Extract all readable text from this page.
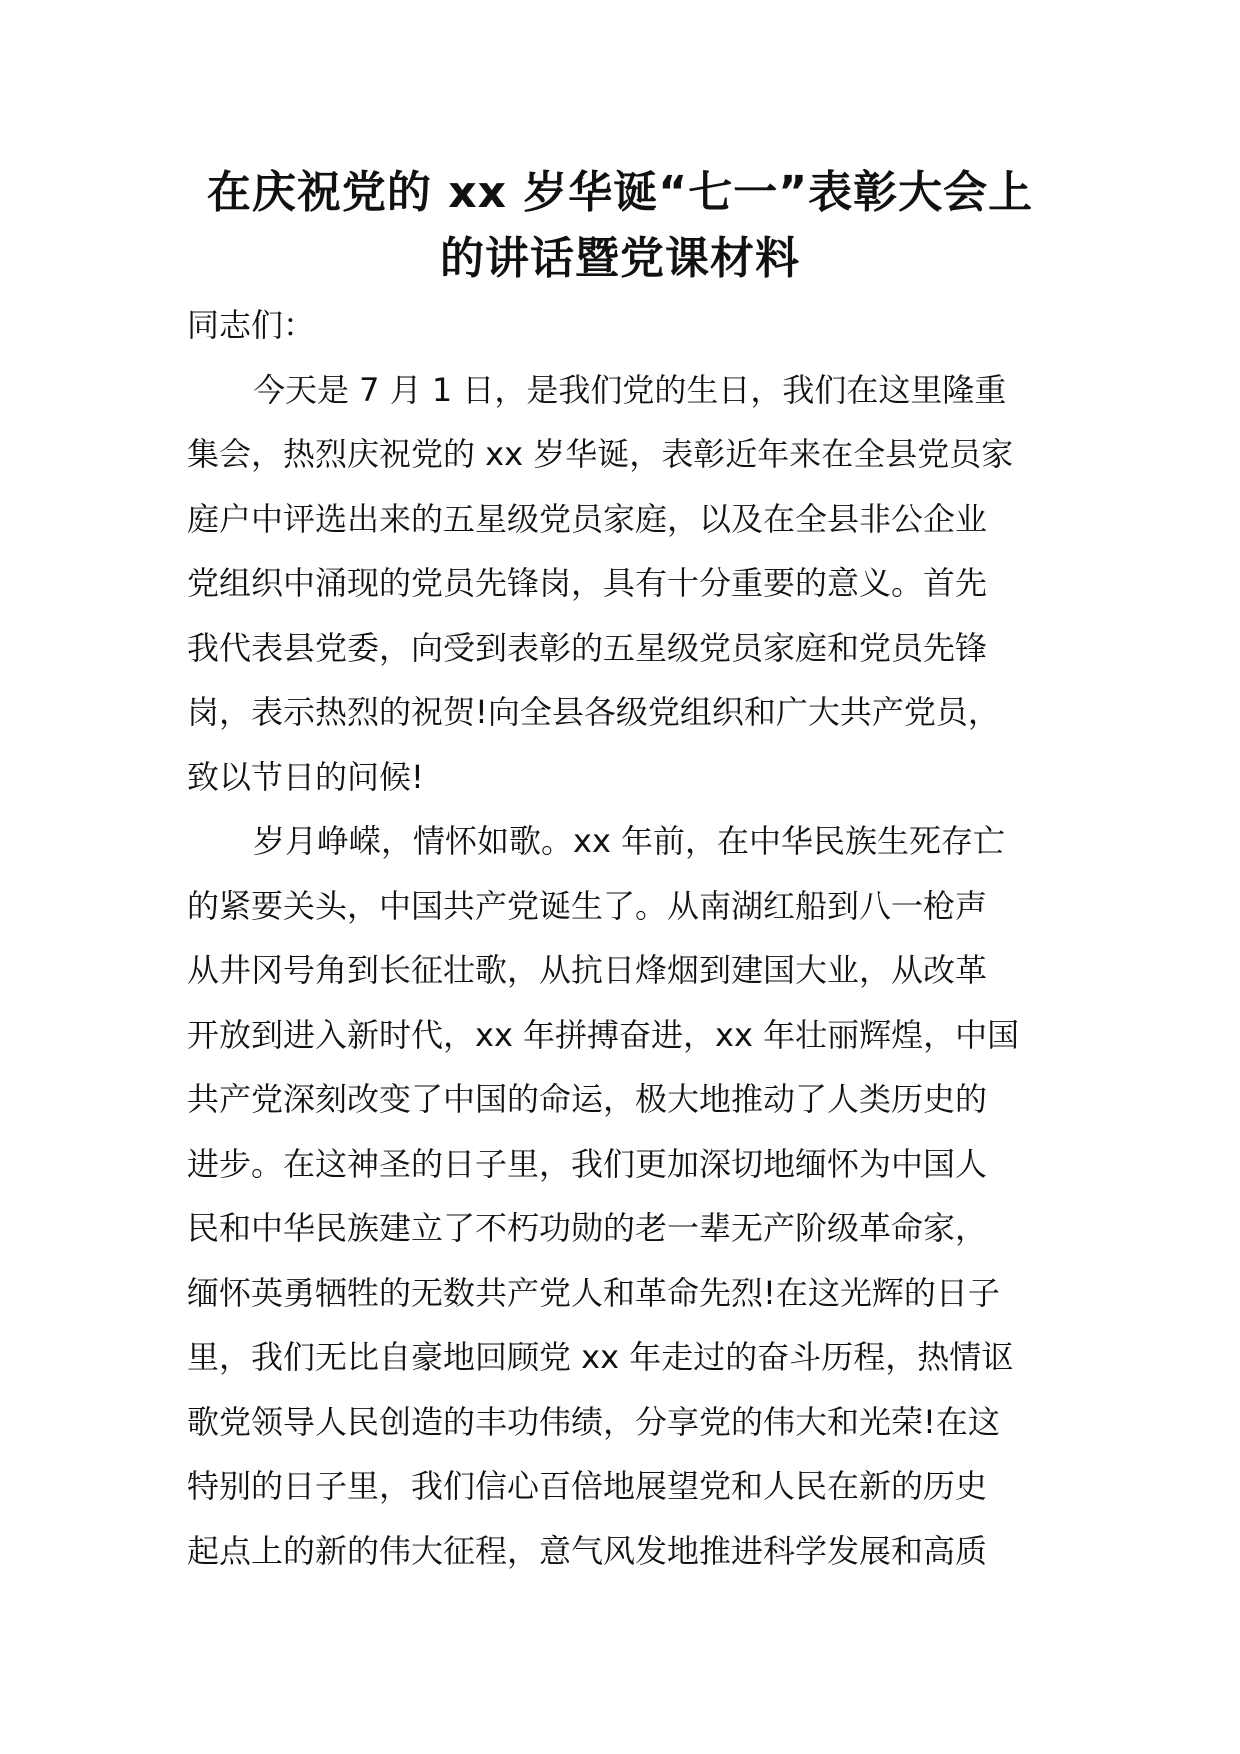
在庆祝党的 xx 岁华诞“七一”表彰大会上
的讲话暨党课材料
同志们：
今天是 7 月 1 日，是我们党的生日，我们在这里隆重
集会，热烈庆祝党的 xx 岁华诞，表彰近年来在全县党员家
庭户中评选出来的五星级党员家庭，以及在全县非公企业
党组织中涌现的党员先锋岗，具有十分重要的意义。首先
我代表县党委，向受到表彰的五星级党员家庭和党员先锋
岗，表示热烈的祝贺!向全县各级党组织和广大共产党员，
致以节日的问候!
岁月峥嵘，情怀如歌。xx 年前，在中华民族生死存亡
的紧要关头，中国共产党诞生了。从南湖红船到八一枪声
从井冈号角到长征壮歌，从抗日烽烟到建国大业，从改革
开放到进入新时代，xx 年拼搏奋进，xx 年壮丽辉煌，中国
共产党深刻改变了中国的命运，极大地推动了人类历史的
进步。在这神圣的日子里，我们更加深切地缅怀为中国人
民和中华民族建立了不朽功勋的老一辈无产阶级革命家，
缅怀英勇牺牲的无数共产党人和革命先烈!在这光辉的日子
里，我们无比自豪地回顾党 xx 年走过的奋斗历程，热情讴
歌党领导人民创造的丰功伟绩，分享党的伟大和光荣!在这
特别的日子里，我们信心百倍地展望党和人民在新的历史
起点上的新的伟大征程，意气风发地推进科学发展和高质
